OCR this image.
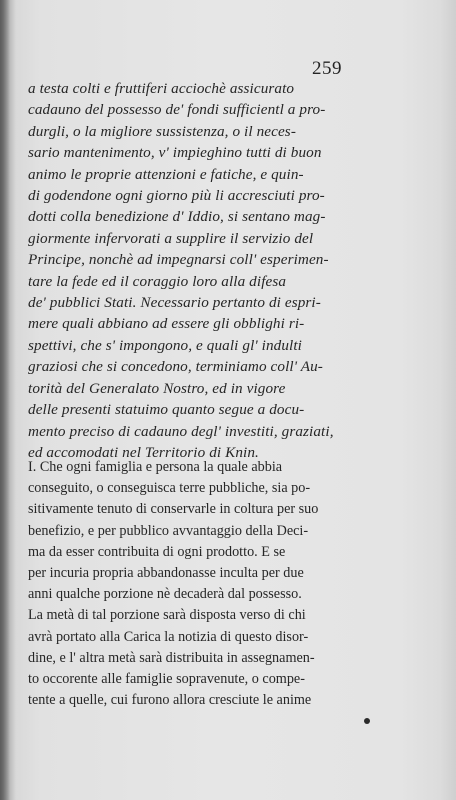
259
a testa colti e fruttiferi acciochè assicurato
cadauno del possesso de' fondi sufficientl a pro-
durgli, o la migliore sussistenza, o il neces-
sario mantenimento, v' impieghino tutti di buon
animo le proprie attenzioni e fatiche, e quin-
di godendone ogni giorno più li accresciuti pro-
dotti colla benedizione d' Iddio, si sentano mag-
giormente infervorati a supplire il servizio del
Principe, nonchè ad impegnarsi coll' esperimen-
tare la fede ed il coraggio loro alla difesa
de' pubblici Stati. Necessario pertanto di espri-
mere quali abbiano ad essere gli obblighi ri-
spettivi, che s' impongono, e quali gl' indulti
graziosi che si concedono, terminiamo coll' Au-
torità del Generalato Nostro, ed in vigore
delle presenti statuimo quanto segue a docu-
mento preciso di cadauno degl' investiti, graziati,
ed accomodati nel Territorio di Knin.
I. Che ogni famiglia e persona la quale abbia
conseguito, o conseguisca terre pubbliche, sia po-
sitivamente tenuto di conservarle in coltura per suo
benefizio, e per pubblico avvantaggio della Deci-
ma da esser contribuita di ogni prodotto. E se
per incuria propria abbandonasse inculta per due
anni qualche porzione nè decaderà dal possesso.
La metà di tal porzione sarà disposta verso di chi
avrà portato alla Carica la notizia di questo disor-
dine, e l' altra metà sarà distribuita in assegnamen-
to occorente alle famiglie sopravenute, o compe-
tente a quelle, cui furono allora cresciute le anime
